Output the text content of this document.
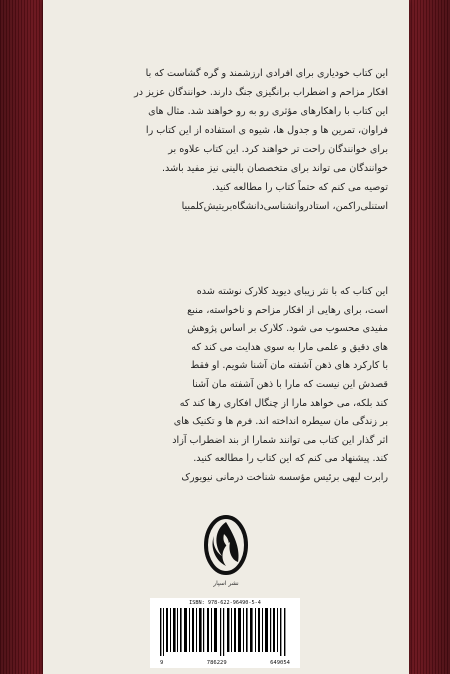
این کتاب خودیاری برای افرادی ارزشمند و گره گشاست که با
افکار مزاحم و اضطراب برانگیزی جنگ دارند. خوانندگان عزیز در
این کتاب با راهکارهای مؤثری رو به رو خواهند شد. مثال های
فراوان، تمرین ها و جدول ها، شیوه ی استفاده از این کتاب را
برای خوانندگان راحت تر خواهند کرد. این کتاب علاوه بر
خوانندگان می تواند برای متخصصان بالینی نیز مفید باشد.
توصیه می کنم که حتماً کتاب را مطالعه کنید.
استنلی‌راکمن، استادروانشناسی‌دانشگاه‌بریتیش‌کلمبیا
این کتاب که با نثر زیبای دیوید کلارک نوشته شده
است، برای رهایی از افکار مزاحم و ناخواسته، منبع
مفیدی محسوب می شود. کلارک بر اساس پژوهش
های دقیق و علمی مارا به سوی هدایت می کند که
با کارکرد های ذهن آشفته مان آشنا شویم. او فقط
قصدش این نیست که مارا با ذهن آشفته مان آشنا
کند بلکه، می خواهد مارا از چنگال افکاری رها کند که
بر زندگی مان سیطره انداخته اند. فرم ها و تکنیک های
اثر گذار این کتاب می توانند شمارا از بند اضطراب آزاد
کند. پیشنهاد می کنم که این کتاب را مطالعه کنید.
رابرت لیهی برئیس مؤسسه شناخت درمانی نیویورک
نشر اسپار
ISBN: 978-622-96490-5-4
9	786229	649054
